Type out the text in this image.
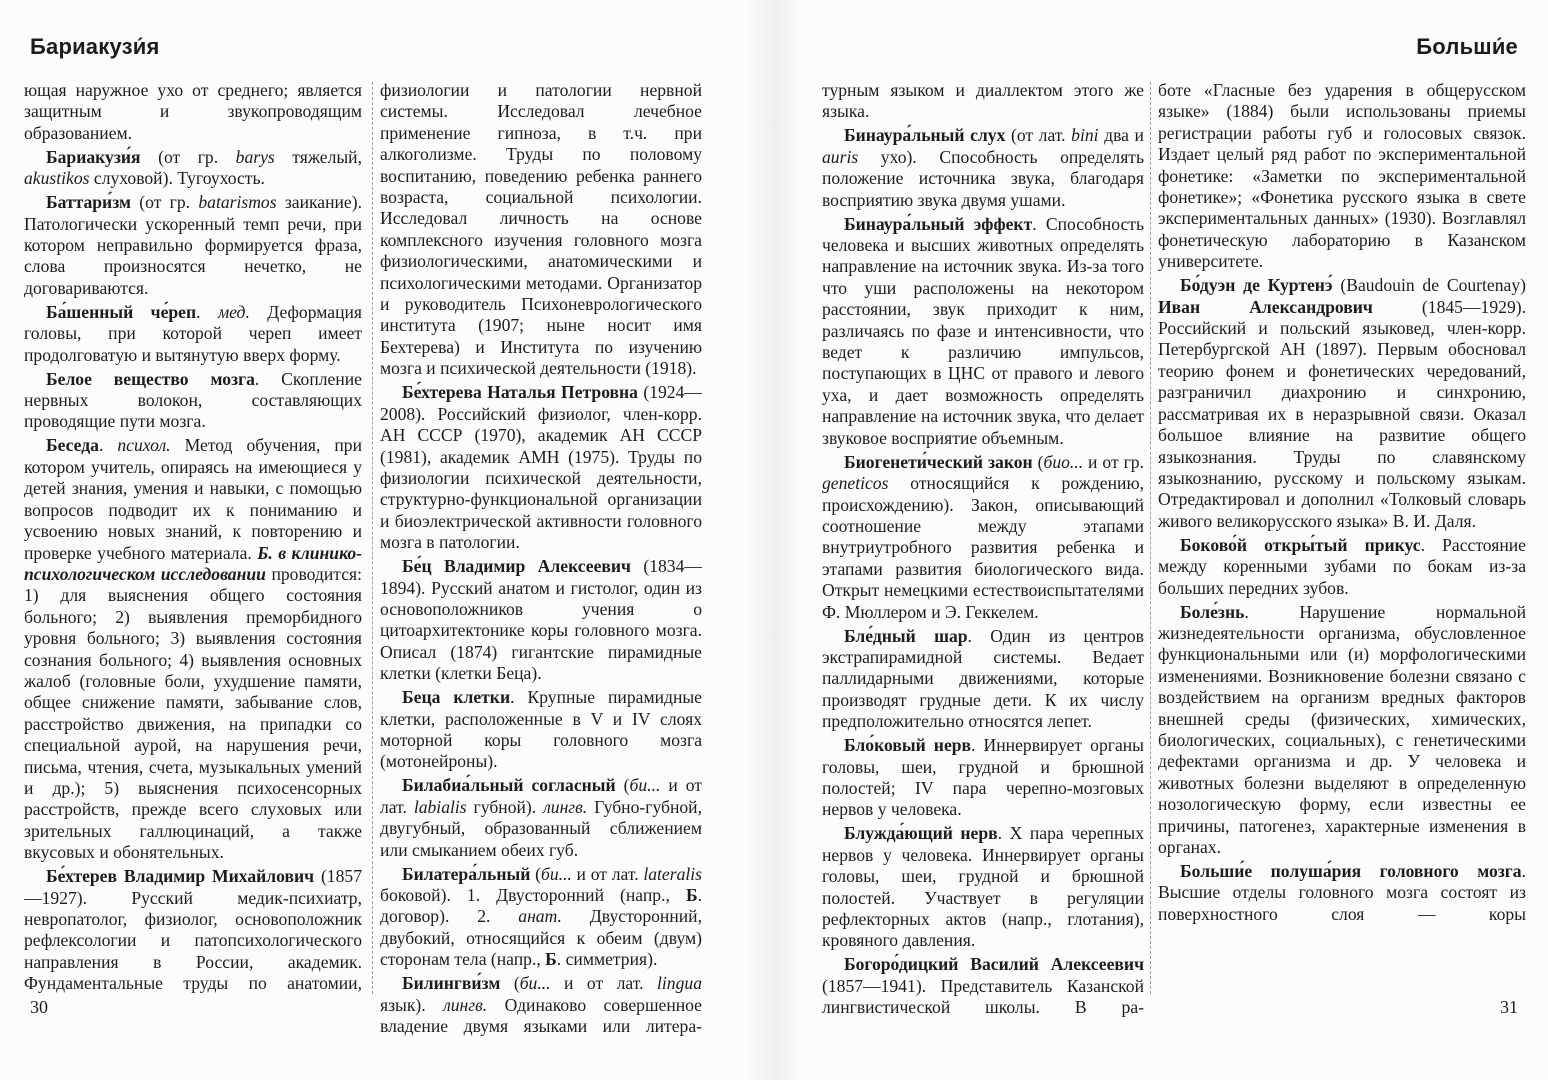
Бариакузи́я	Больши́е

ющая наружное ухо от среднего; является защитным и звукопроводящим образованием.

Бариакузи́я (от гр. barys тяжелый, akustikos слуховой). Тугоухость.

Баттари́зм (от гр. batarismos заикание). Патологически ускоренный темп речи, при котором неправильно формируется фраза, слова произносятся нечетко, не договариваются.

Ба́шенный че́реп. мед. Деформация головы, при которой череп имеет продолговатую и вытянутую вверх форму.

Белое вещество мозга. Скопление нервных волокон, составляющих проводящие пути мозга.

Беседа. психол. Метод обучения, при котором учитель, опираясь на имеющиеся у детей знания, умения и навыки, с помощью вопросов подводит их к пониманию и усвоению новых знаний, к повторению и проверке учебного материала. Б. в клинико-психологическом исследовании проводится: 1) для выяснения общего состояния больного; 2) выявления преморбидного уровня больного; 3) выявления состояния сознания больного; 4) выявления основных жалоб (головные боли, ухудшение памяти, общее снижение памяти, забывание слов, расстройство движения, на припадки со специальной аурой, на нарушения речи, письма, чтения, счета, музыкальных умений и др.); 5) выяснения психосенсорных расстройств, прежде всего слуховых или зрительных галлюцинаций, а также вкусовых и обонятельных.

Бе́хтерев Владимир Михайлович (1857—1927). Русский медик-психиатр, невропатолог, физиолог, основоположник рефлексологии и патопсихологического направления в России, академик. Фундаментальные труды по анатомии,

физиологии и патологии нервной системы. Исследовал лечебное применение гипноза, в т.ч. при алкоголизме. Труды по половому воспитанию, поведению ребенка раннего возраста, социальной психологии. Исследовал личность на основе комплексного изучения головного мозга физиологическими, анатомическими и психологическими методами. Организатор и руководитель Психоневрологического института (1907; ныне носит имя Бехтерева) и Института по изучению мозга и психической деятельности (1918).

Бе́хтерева Наталья Петровна (1924—2008). Российский физиолог, член-корр. АН СССР (1970), академик АН СССР (1981), академик АМН (1975). Труды по физиологии психической деятельности, структурно-функциональной организации и биоэлектрической активности головного мозга в патологии.

Бе́ц Владимир Алексеевич (1834—1894). Русский анатом и гистолог, один из основоположников учения о цитоархитектонике коры головного мозга. Описал (1874) гигантские пирамидные клетки (клетки Беца).

Беца клетки. Крупные пирамидные клетки, расположенные в V и IV слоях моторной коры головного мозга (мотонейроны).

Билабиа́льный согласный (би... и от лат. labialis губной). лингв. Губно-губной, двугубный, образованный сближением или смыканием обеих губ.

Билатера́льный (би... и от лат. lateralis боковой). 1. Двусторонний (напр., Б. договор). 2. анат. Двусторонний, двубокий, относящийся к обеим (двум) сторонам тела (напр., Б. симметрия).

Билингви́зм (би... и от лат. lingua язык). лингв. Одинаково совершенное владение двумя языками или литера-

турным языком и диаллектом этого же языка.

Бинаура́льный слух (от лат. bini два и auris ухо). Способность определять положение источника звука, благодаря восприятию звука двумя ушами.

Бинаура́льный эффект. Способность человека и высших животных определять направление на источник звука. Из-за того что уши расположены на некотором расстоянии, звук приходит к ним, различаясь по фазе и интенсивности, что ведет к различию импульсов, поступающих в ЦНС от правого и левого уха, и дает возможность определять направление на источник звука, что делает звуковое восприятие объемным.

Биогенети́ческий закон (био... и от гр. geneticos относящийся к рождению, происхождению). Закон, описывающий соотношение между этапами внутриутробного развития ребенка и этапами развития биологического вида. Открыт немецкими естествоиспытателями Ф. Мюллером и Э. Геккелем.

Бле́дный шар. Один из центров экстрапирамидной системы. Ведает паллидарными движениями, которые производят грудные дети. К их числу предположительно относятся лепет.

Бло́ковый нерв. Иннервирует органы головы, шеи, грудной и брюшной полостей; IV пара черепно-мозговых нервов у человека.

Блужда́ющий нерв. X пара черепных нервов у человека. Иннервирует органы головы, шеи, грудной и брюшной полостей. Участвует в регуляции рефлекторных актов (напр., глотания), кровяного давления.

Богоро́дицкий Василий Алексеевич (1857—1941). Представитель Казанской лингвистической школы. В ра-

боте «Гласные без ударения в общерусском языке» (1884) были использованы приемы регистрации работы губ и голосовых связок. Издает целый ряд работ по экспериментальной фонетике: «Заметки по экспериментальной фонетике»; «Фонетика русского языка в свете экспериментальных данных» (1930). Возглавлял фонетическую лабораторию в Казанском университете.

Бо́дуэн де Куртенэ́ (Baudouin de Courtenay) Иван Александрович (1845—1929). Российский и польский языковед, член-корр. Петербургской АН (1897). Первым обосновал теорию фонем и фонетических чередований, разграничил диахронию и синхронию, рассматривая их в неразрывной связи. Оказал большое влияние на развитие общего языкознания. Труды по славянскому языкознанию, русскому и польскому языкам. Отредактировал и дополнил «Толковый словарь живого великорусского языка» В. И. Даля.

Боково́й откры́тый прикус. Расстояние между коренными зубами по бокам из-за больших передних зубов.

Боле́знь. Нарушение нормальной жизнедеятельности организма, обусловленное функциональными или (и) морфологическими изменениями. Возникновение болезни связано с воздействием на организм вредных факторов внешней среды (физических, химических, биологических, социальных), с генетическими дефектами организма и др. У человека и животных болезни выделяют в определенную нозологическую форму, если известны ее причины, патогенез, характерные изменения в органах.

Больши́е полуша́рия головного мозга. Высшие отделы головного мозга состоят из поверхностного слоя — коры

30	31
